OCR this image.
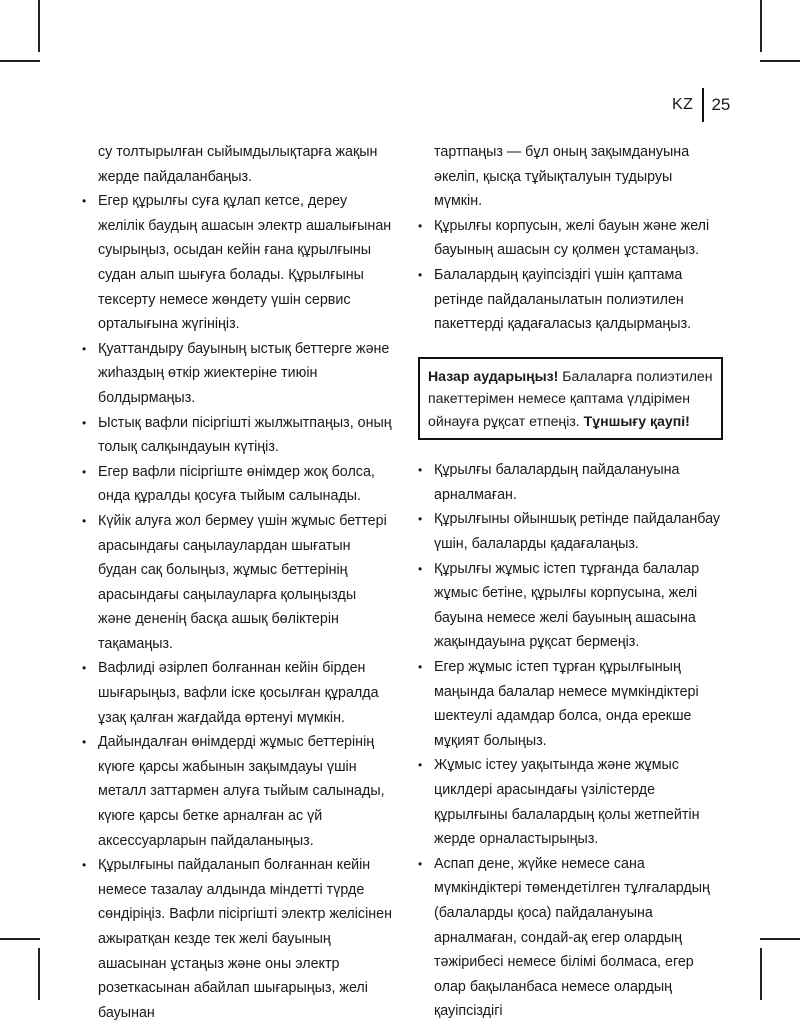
KZ 25

су толтырылған сыйымдылықтарға жақын жерде пайдаланбаңыз.

• Егер құрылғы суға құлап кетсе, дереу желілік баудың ашасын электр ашалығынан суырыңыз, осыдан кейін ғана құрылғыны судан алып шығуға болады. Құрылғыны тексерту немесе жөндету үшін сервис орталығына жүгініңіз.
• Қуаттандыру бауының ыстық беттерге және жиһаздың өткір жиектеріне тиюін болдырмаңыз.
• Ыстық вафли пісіргішті жылжытпаңыз, оның толық салқындауын күтіңіз.
• Егер вафли пісіргіште өнімдер жоқ болса, онда құралды қосуға тыйым салынады.
• Күйік алуға жол бермеу үшін жұмыс беттері арасындағы саңылаулардан шығатын будан сақ болыңыз, жұмыс беттерінің арасындағы саңылауларға қолыңызды және дененің басқа ашық бөліктерін тақамаңыз.
• Вафлиді әзірлеп болғаннан кейін бірден шығарыңыз, вафли іске қосылған құралда ұзақ қалған жағдайда өртенуі мүмкін.
• Дайындалған өнімдерді жұмыс беттерінің күюге қарсы жабынын зақымдауы үшін металл заттармен алуға тыйым салынады, күюге қарсы бетке арналған ас үй аксессуарларын пайдаланыңыз.
• Құрылғыны пайдаланып болғаннан кейін немесе тазалау алдында міндетті түрде сөндіріңіз. Вафли пісіргішті электр желісінен ажыратқан кезде тек желі бауының ашасынан ұстаңыз және оны электр розеткасынан абайлап шығарыңыз, желі бауынан

тартпаңыз — бұл оның зақымдануына әкеліп, қысқа тұйықталуын тудыруы мүмкін.

• Құрылғы корпусын, желі бауын және желі бауының ашасын су қолмен ұстамаңыз.
• Балалардың қауіпсіздігі үшін қаптама ретінде пайдаланылатын полиэтилен пакеттерді қадағаласыз қалдырмаңыз.
Назар аударыңыз! Балаларға полиэтилен пакеттерімен немесе қаптама үлдірімен ойнауға рұқсат етпеңіз. Тұншығу қаупі!
• Құрылғы балалардың пайдалануына арналмаған.
• Құрылғыны ойыншық ретінде пайдаланбау үшін, балаларды қадағалаңыз.
• Құрылғы жұмыс істеп тұрғанда балалар жұмыс бетіне, құрылғы корпусына, желі бауына немесе желі бауының ашасына жақындауына рұқсат бермеңіз.
• Егер жұмыс істеп тұрған құрылғының маңында балалар немесе мүмкіндіктері шектеулі адамдар болса, онда ерекше мұқият болыңыз.
• Жұмыс істеу уақытында және жұмыс циклдері арасындағы үзілістерде құрылғыны балалардың қолы жетпейтін жерде орналастырыңыз.
• Аспап дене, жүйке немесе сана мүмкіндіктері төмендетілген тұлғалардың (балаларды қоса) пайдалануына арналмаған, сондай-ақ егер олардың тәжірибесі немесе білімі болмаса, егер олар бақыланбаса немесе олардың қауіпсіздігі
